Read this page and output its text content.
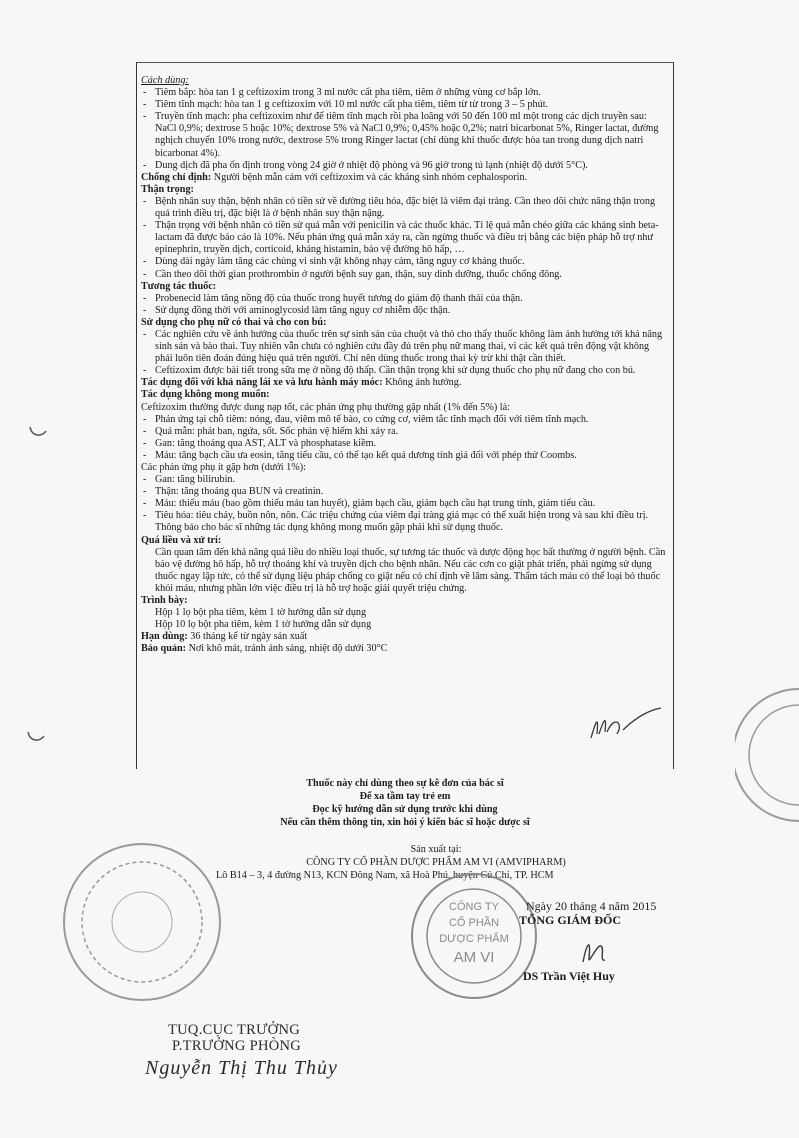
Cách dùng:
- Tiêm bắp: hòa tan 1 g ceftizoxim trong 3 ml nước cất pha tiêm, tiêm ở những vùng cơ bắp lớn.
- Tiêm tĩnh mạch: hòa tan 1 g ceftizoxim với 10 ml nước cất pha tiêm, tiêm từ từ trong 3 – 5 phút.
- Truyền tĩnh mạch: pha ceftizoxim như để tiêm tĩnh mạch rồi pha loãng với 50 đến 100 ml một trong các dịch truyền sau: NaCl 0,9%; dextrose 5 hoặc 10%; dextrose 5% và NaCl 0,9%; 0,45% hoặc 0,2%; natri bicarbonat 5%, Ringer lactat, đường nghịch chuyển 10% trong nước, dextrose 5% trong Ringer lactat (chỉ dùng khi thuốc được hòa tan trong dung dịch natri bicarbonat 4%).
- Dung dịch đã pha ổn định trong vòng 24 giờ ở nhiệt độ phòng và 96 giờ trong tủ lạnh (nhiệt độ dưới 5°C).
Chống chỉ định: Người bệnh mẫn cảm với ceftizoxim và các kháng sinh nhóm cephalosporin.
Thận trọng:
- Bệnh nhân suy thận, bệnh nhân có tiền sử về đường tiêu hóa, đặc biệt là viêm đại tràng. Cần theo dõi chức năng thận trong quá trình điều trị, đặc biệt là ở bệnh nhân suy thận nặng.
- Thận trọng với bệnh nhân có tiền sử quá mẫn với penicilin và các thuốc khác. Tỉ lệ quá mẫn chéo giữa các kháng sinh beta-lactam đã được báo cáo là 10%. Nếu phản ứng quá mẫn xảy ra, cần ngừng thuốc và điều trị bằng các biện pháp hỗ trợ như epinephrin, truyền dịch, corticoid, kháng histamin, bảo vệ đường hô hấp, …
- Dùng dài ngày làm tăng các chủng vi sinh vật không nhạy cảm, tăng nguy cơ kháng thuốc.
- Cần theo dõi thời gian prothrombin ở người bệnh suy gan, thận, suy dinh dưỡng, thuốc chống đông.
Tương tác thuốc:
- Probenecid làm tăng nồng độ của thuốc trong huyết tương do giảm độ thanh thải của thận.
- Sử dụng đồng thời với aminoglycosid làm tăng nguy cơ nhiễm độc thận.
Sử dụng cho phụ nữ có thai và cho con bú:
- Các nghiên cứu về ảnh hưởng của thuốc trên sự sinh sản của chuột và thỏ cho thấy thuốc không làm ảnh hưởng tới khả năng sinh sản và bào thai. Tuy nhiên vẫn chưa có nghiên cứu đầy đủ trên phụ nữ mang thai, vì các kết quả trên động vật không phải luôn tiên đoán đúng hiệu quả trên người. Chỉ nên dùng thuốc trong thai kỳ trừ khi thật cần thiết.
- Ceftizoxim được bài tiết trong sữa mẹ ở nồng độ thấp. Cần thận trọng khi sử dụng thuốc cho phụ nữ đang cho con bú.
Tác dụng đối với khả năng lái xe và lưu hành máy móc: Không ảnh hưởng.
Tác dụng không mong muốn:
Ceftizoxim thường được dung nạp tốt, các phản ứng phụ thường gặp nhất (1% đến 5%) là:
- Phản ứng tại chỗ tiêm: nóng, đau, viêm mô tế bào, co cứng cơ, viêm tắc tĩnh mạch đối với tiêm tĩnh mạch.
- Quá mẫn: phát ban, ngứa, sốt. Sốc phản vệ hiếm khi xảy ra.
- Gan: tăng thoáng qua AST, ALT và phosphatase kiềm.
- Máu: tăng bạch cầu ưa eosin, tăng tiểu cầu, có thể tạo kết quả dương tính giả đối với phép thử Coombs.
Các phản ứng phụ ít gặp hơn (dưới 1%):
- Gan: tăng bilirubin.
- Thận: tăng thoáng qua BUN và creatinin.
- Máu: thiếu máu (bao gồm thiếu máu tan huyết), giảm bạch cầu, giảm bạch cầu hạt trung tính, giảm tiểu cầu.
- Tiêu hóa: tiêu chảy, buồn nôn, nôn. Các triệu chứng của viêm đại tràng giả mạc có thể xuất hiện trong và sau khi điều trị.
Thông báo cho bác sĩ những tác dụng không mong muốn gặp phải khi sử dụng thuốc.
Quá liều và xử trí:
Cần quan tâm đến khả năng quá liều do nhiều loại thuốc, sự tương tác thuốc và dược động học bất thường ở người bệnh. Cần bảo vệ đường hô hấp, hỗ trợ thoáng khí và truyền dịch cho bệnh nhân. Nếu các cơn co giật phát triển, phải ngừng sử dụng thuốc ngay lập tức, có thể sử dụng liệu pháp chống co giật nếu có chỉ định về lâm sàng. Thẩm tách máu có thể loại bỏ thuốc khỏi máu, nhưng phần lớn việc điều trị là hỗ trợ hoặc giải quyết triệu chứng.
Trình bày:
Hộp 1 lọ bột pha tiêm, kèm 1 tờ hướng dẫn sử dụng
Hộp 10 lọ bột pha tiêm, kèm 1 tờ hướng dẫn sử dụng
Hạn dùng: 36 tháng kể từ ngày sản xuất
Bảo quản: Nơi khô mát, tránh ánh sáng, nhiệt độ dưới 30°C
Thuốc này chỉ dùng theo sự kê đơn của bác sĩ
Để xa tầm tay trẻ em
Đọc kỹ hướng dẫn sử dụng trước khi dùng
Nếu cần thêm thông tin, xin hỏi ý kiến bác sĩ hoặc dược sĩ
Sản xuất tại:
CÔNG TY CỔ PHẦN DƯỢC PHẨM AM VI (AMVIPHARM)
Lô B14 – 3, 4 đường N13, KCN Đông Nam, xã Hoà Phú, huyện Củ Chi, TP. HCM
CÔNG TY
CỔ PHẦN
DƯỢC PHẨM
AM VI
Ngày 20 tháng 4 năm 2015
TỔNG GIÁM ĐỐC
DS Trần Việt Huy
TUQ.CỤC TRƯỞNG
P.TRƯỞNG PHÒNG
Nguyễn Thị Thu Thủy
